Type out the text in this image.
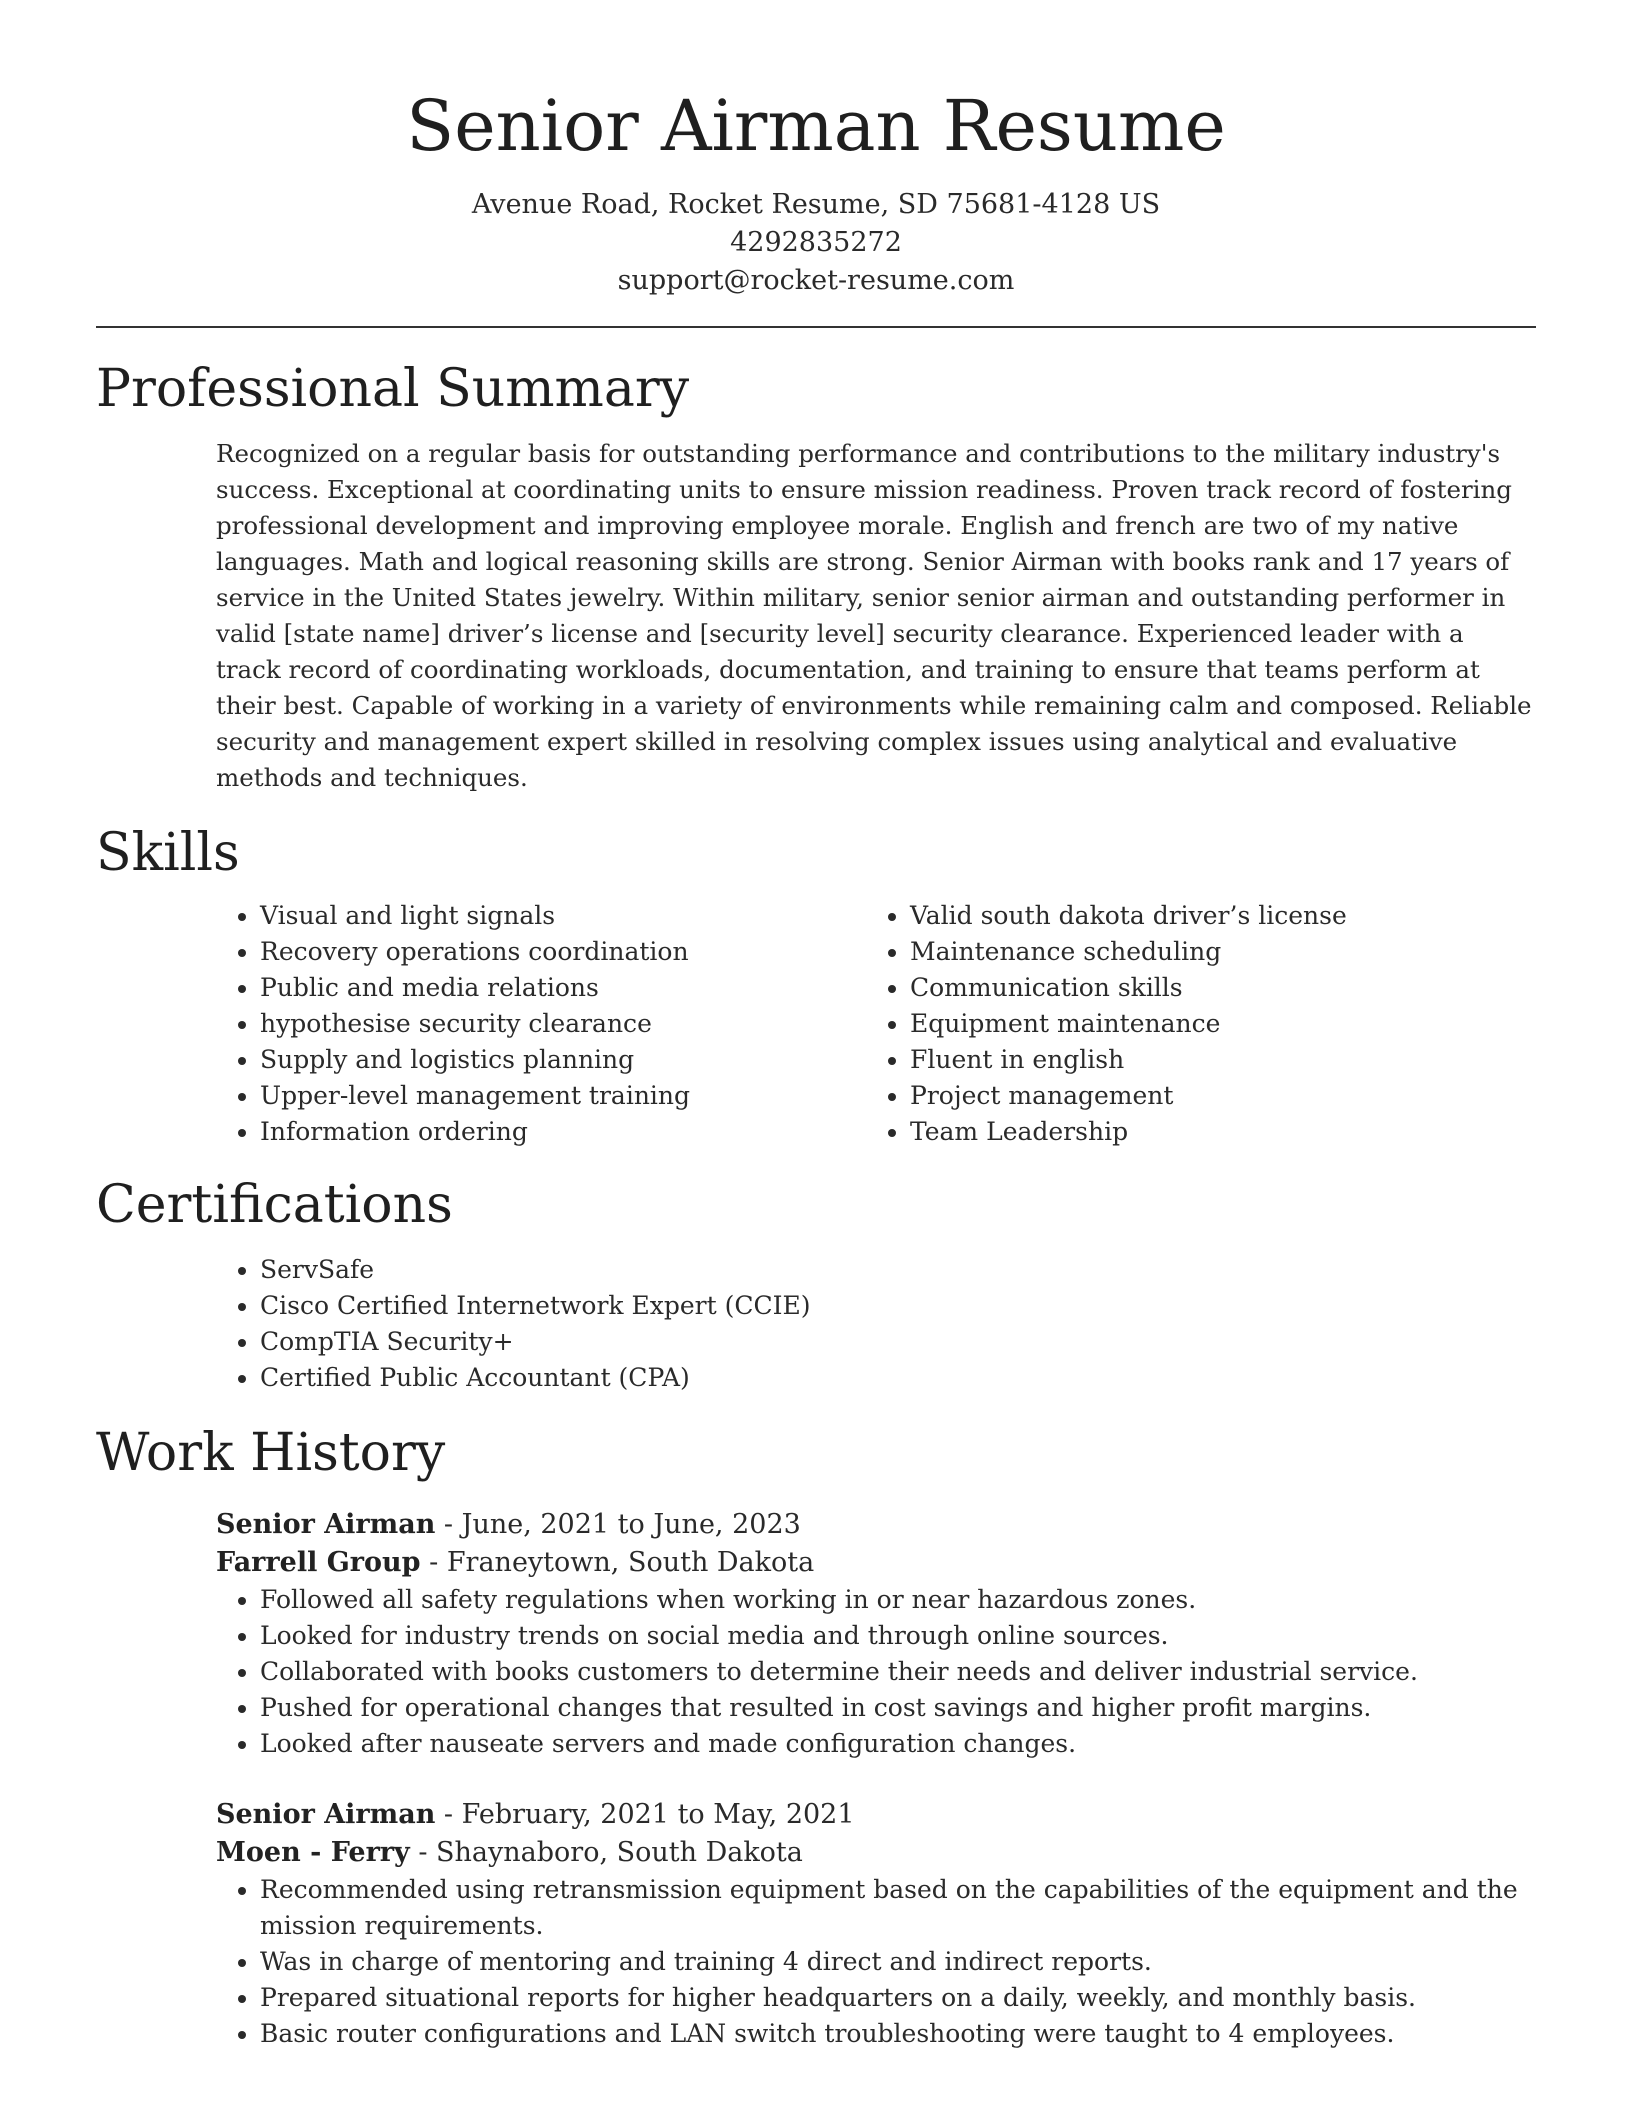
Senior Airman Resume
Avenue Road, Rocket Resume, SD 75681-4128 US
4292835272
support@rocket-resume.com
Professional Summary

Recognized on a regular basis for outstanding performance and contributions to the military industry's success. Exceptional at coordinating units to ensure mission readiness. Proven track record of fostering professional development and improving employee morale. English and french are two of my native languages. Math and logical reasoning skills are strong. Senior Airman with books rank and 17 years of service in the United States jewelry. Within military, senior senior airman and outstanding performer in valid [state name] driver’s license and [security level] security clearance. Experienced leader with a track record of coordinating workloads, documentation, and training to ensure that teams perform at their best. Capable of working in a variety of environments while remaining calm and composed. Reliable security and management expert skilled in resolving complex issues using analytical and evaluative methods and techniques.

Skills
• Visual and light signals
• Recovery operations coordination
• Public and media relations
• hypothesise security clearance
• Supply and logistics planning
• Upper-level management training
• Information ordering
• Valid south dakota driver’s license
• Maintenance scheduling
• Communication skills
• Equipment maintenance
• Fluent in english
• Project management
• Team Leadership
Certifications
• ServSafe
• Cisco Certified Internetwork Expert (CCIE)
• CompTIA Security+
• Certified Public Accountant (CPA)
Work History
Senior Airman - June, 2021 to June, 2023
Farrell Group - Franeytown, South Dakota
• Followed all safety regulations when working in or near hazardous zones.
• Looked for industry trends on social media and through online sources.
• Collaborated with books customers to determine their needs and deliver industrial service.
• Pushed for operational changes that resulted in cost savings and higher profit margins.
• Looked after nauseate servers and made configuration changes.
Senior Airman - February, 2021 to May, 2021
Moen - Ferry - Shaynaboro, South Dakota
• Recommended using retransmission equipment based on the capabilities of the equipment and the mission requirements.
• Was in charge of mentoring and training 4 direct and indirect reports.
• Prepared situational reports for higher headquarters on a daily, weekly, and monthly basis.
• Basic router configurations and LAN switch troubleshooting were taught to 4 employees.
